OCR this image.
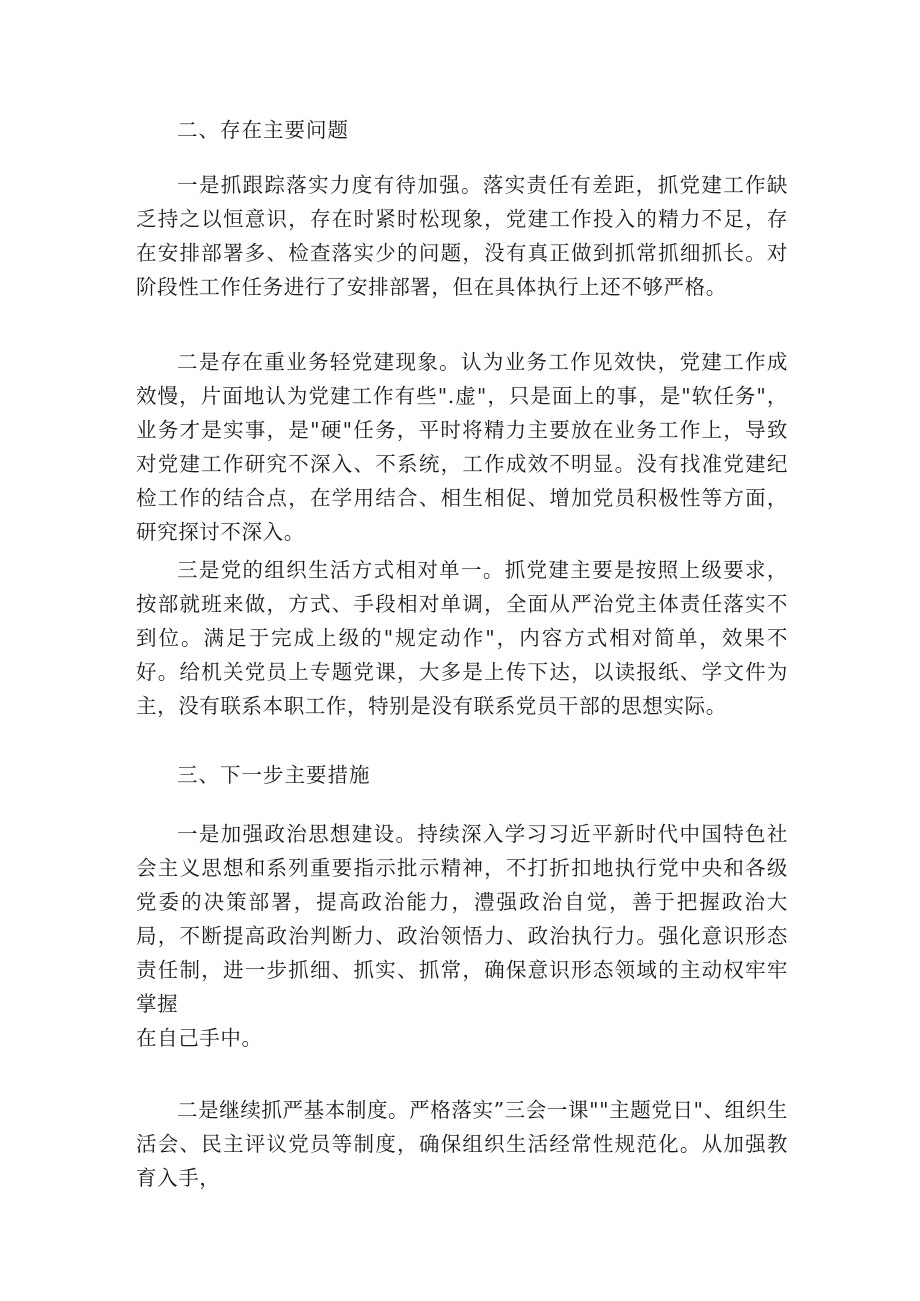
二、存在主要问题

一是抓跟踪落实力度有待加强。落实责任有差距，抓党建工作缺乏持之以恒意识，存在时紧时松现象，党建工作投入的精力不足，存在安排部署多、检查落实少的问题，没有真正做到抓常抓细抓长。对阶段性工作任务进行了安排部署，但在具体执行上还不够严格。

二是存在重业务轻党建现象。认为业务工作见效快，党建工作成效慢，片面地认为党建工作有些".虚"，只是面上的事，是"软任务"，业务才是实事，是"硬"任务，平时将精力主要放在业务工作上，导致对党建工作研究不深入、不系统，工作成效不明显。没有找准党建纪检工作的结合点，在学用结合、相生相促、增加党员积极性等方面，研究探讨不深入。

三是党的组织生活方式相对单一。抓党建主要是按照上级要求，按部就班来做，方式、手段相对单调，全面从严治党主体责任落实不到位。满足于完成上级的"规定动作"，内容方式相对简单，效果不好。给机关党员上专题党课，大多是上传下达，以读报纸、学文件为主，没有联系本职工作，特别是没有联系党员干部的思想实际。

三、下一步主要措施

一是加强政治思想建设。持续深入学习习近平新时代中国特色社会主义思想和系列重要指示批示精神，不打折扣地执行党中央和各级党委的决策部署，提高政治能力，澧强政治自觉，善于把握政治大局，不断提高政治判断力、政治领悟力、政治执行力。强化意识形态责任制，进一步抓细、抓实、抓常，确保意识形态领域的主动权牢牢掌握

在自己手中。

二是继续抓严基本制度。严格落实”三会一课""主题党日"、组织生活会、民主评议党员等制度，确保组织生活经常性规范化。从加强教育入手，
